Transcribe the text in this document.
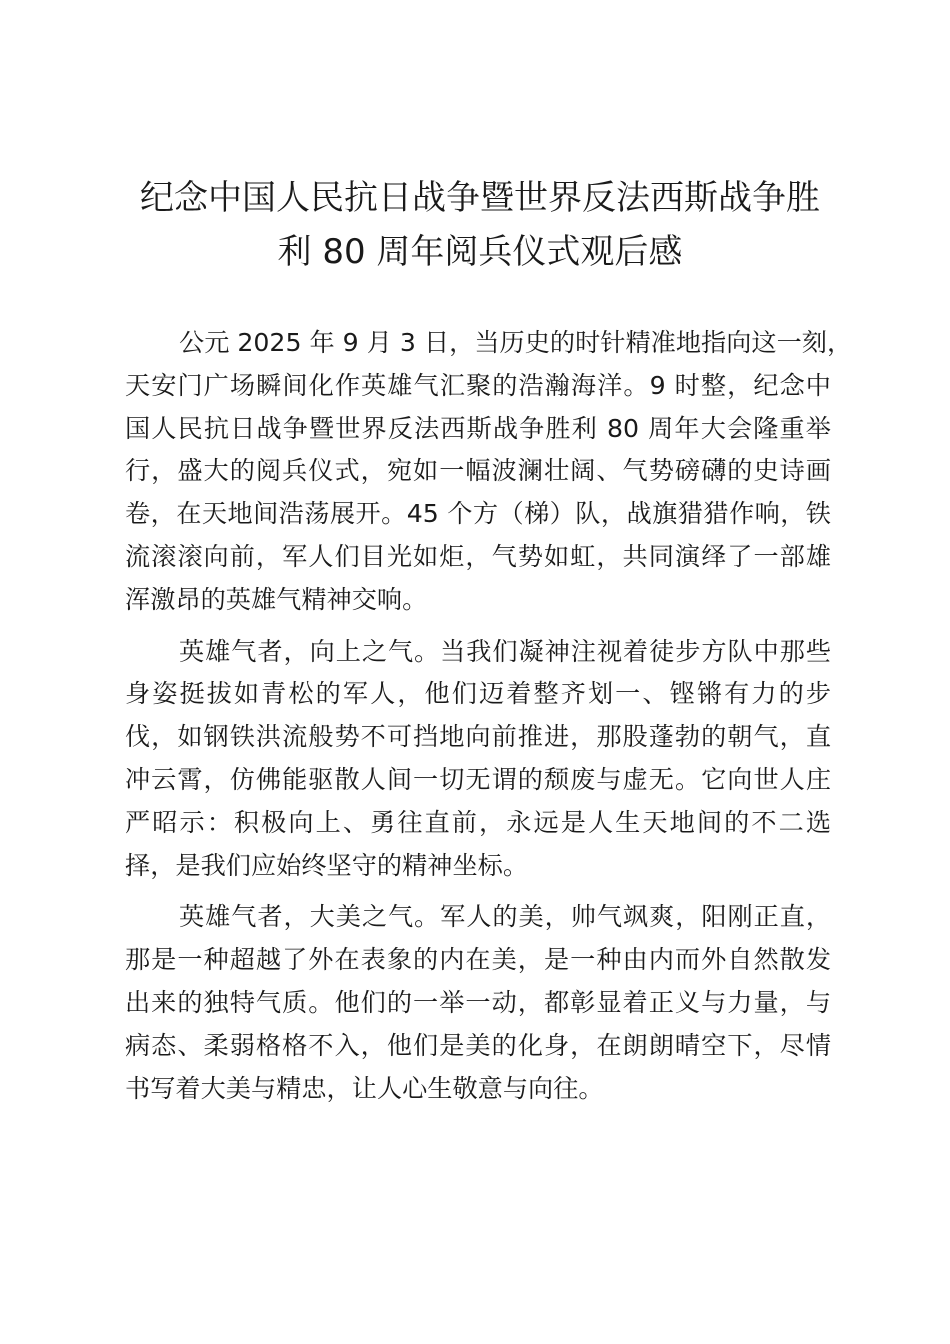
纪念中国人民抗日战争暨世界反法西斯战争胜
利 80 周年阅兵仪式观后感

公元 2025 年 9 月 3 日，当历史的时针精准地指向这一刻，
天安门广场瞬间化作英雄气汇聚的浩瀚海洋。9 时整，纪念中
国人民抗日战争暨世界反法西斯战争胜利 80 周年大会隆重举
行，盛大的阅兵仪式，宛如一幅波澜壮阔、气势磅礴的史诗画
卷，在天地间浩荡展开。45 个方（梯）队，战旗猎猎作响，铁
流滚滚向前，军人们目光如炬，气势如虹，共同演绎了一部雄
浑激昂的英雄气精神交响。

英雄气者，向上之气。当我们凝神注视着徒步方队中那些
身姿挺拔如青松的军人，他们迈着整齐划一、铿锵有力的步
伐，如钢铁洪流般势不可挡地向前推进，那股蓬勃的朝气，直
冲云霄，仿佛能驱散人间一切无谓的颓废与虚无。它向世人庄
严昭示：积极向上、勇往直前，永远是人生天地间的不二选
择，是我们应始终坚守的精神坐标。

英雄气者，大美之气。军人的美，帅气飒爽，阳刚正直，
那是一种超越了外在表象的内在美，是一种由内而外自然散发
出来的独特气质。他们的一举一动，都彰显着正义与力量，与
病态、柔弱格格不入，他们是美的化身，在朗朗晴空下，尽情
书写着大美与精忠，让人心生敬意与向往。
